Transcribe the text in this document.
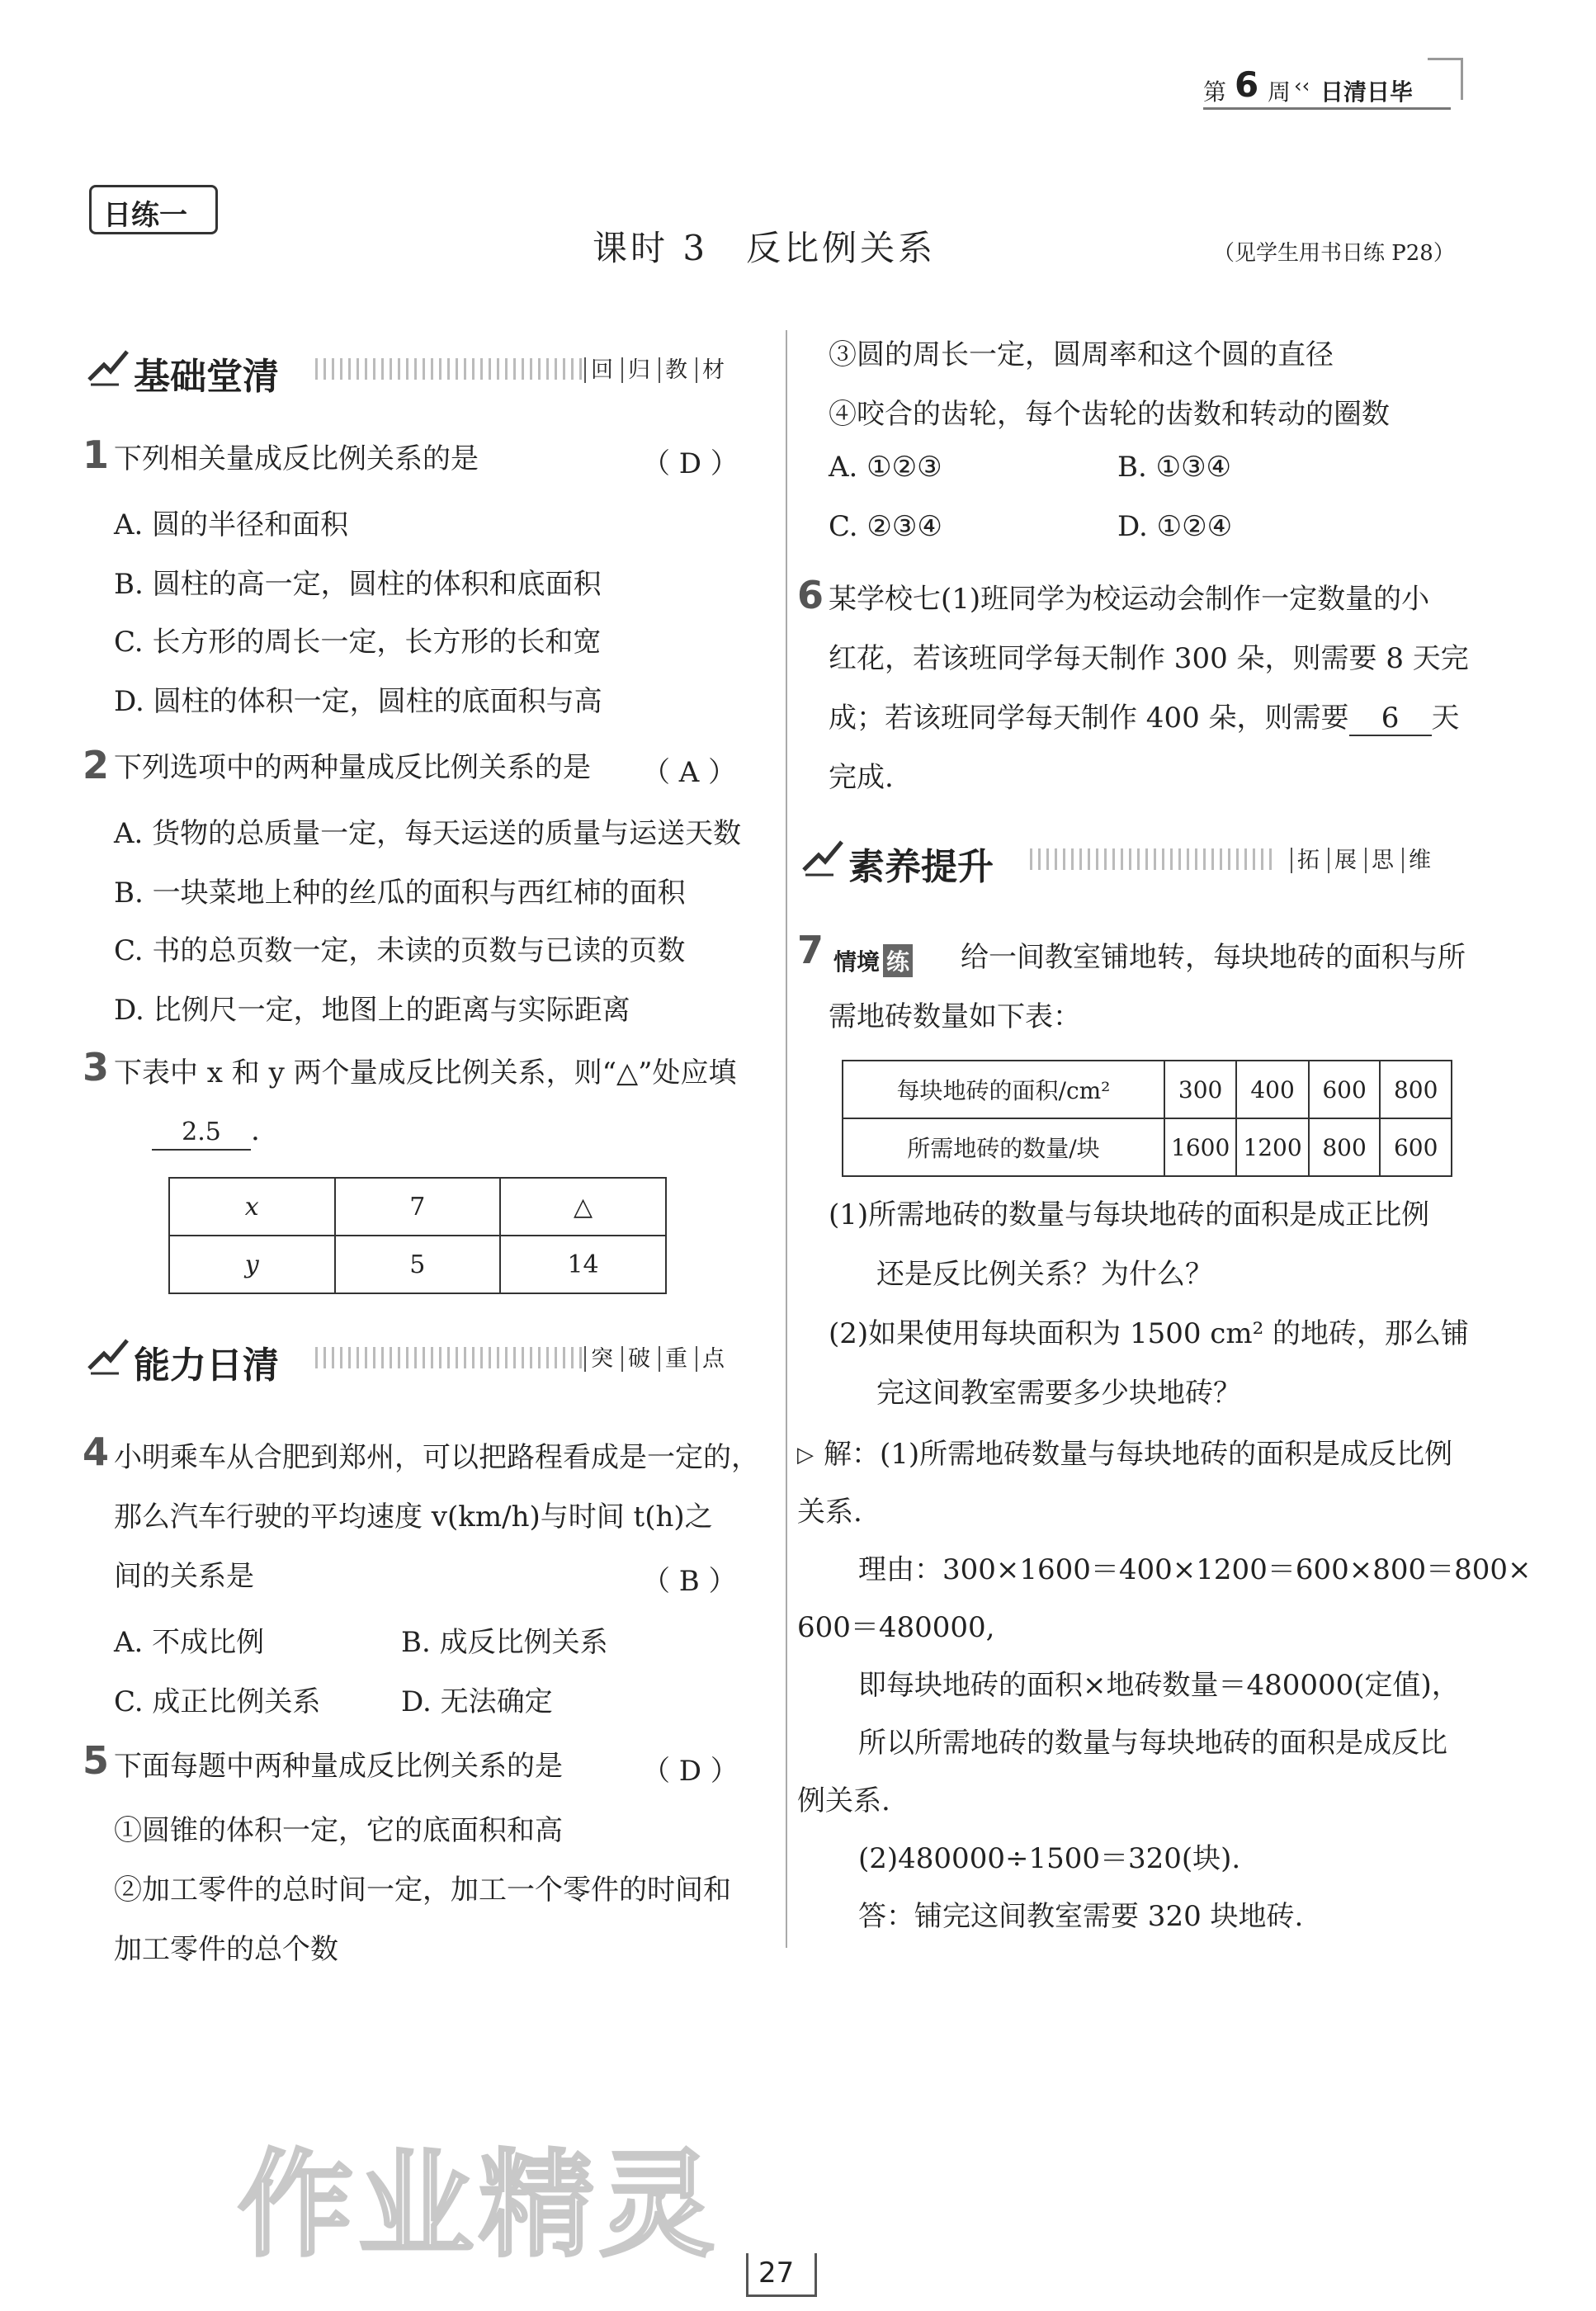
第 6 周 ‹‹ 日清日毕
日练一
课时 3　反比例关系	（见学生用书日练 P28）
基础堂清	回 归 教 材
1 下列相关量成反比例关系的是	（ D ）
A. 圆的半径和面积
B. 圆柱的高一定，圆柱的体积和底面积
C. 长方形的周长一定，长方形的长和宽
D. 圆柱的体积一定，圆柱的底面积与高
2 下列选项中的两种量成反比例关系的是 （ A ）
A. 货物的总质量一定，每天运送的质量与运送天数
B. 一块菜地上种的丝瓜的面积与西红柿的面积
C. 书的总页数一定，未读的页数与已读的页数
D. 比例尺一定，地图上的距离与实际距离
3 下表中 x 和 y 两个量成反比例关系，则“△”处应填
2.5 .
x	7	△
y	5	14
能力日清	突 破 重 点
4 小明乘车从合肥到郑州，可以把路程看成是一定的，
那么汽车行驶的平均速度 v(km/h)与时间 t(h)之
间的关系是	（ B ）
A. 不成比例	B. 成反比例关系
C. 成正比例关系	D. 无法确定
5 下面每题中两种量成反比例关系的是	（ D ）
①圆锥的体积一定，它的底面积和高
②加工零件的总时间一定，加工一个零件的时间和
加工零件的总个数
③圆的周长一定，圆周率和这个圆的直径
④咬合的齿轮，每个齿轮的齿数和转动的圈数
A. ①②③	B. ①③④
C. ②③④	D. ①②④
6 某学校七(1)班同学为校运动会制作一定数量的小
红花，若该班同学每天制作 300 朵，则需要 8 天完
成；若该班同学每天制作 400 朵，则需要 6 天
完成.
素养提升	拓 展 思 维
7 情境 练 给一间教室铺地转，每块地砖的面积与所
需地砖数量如下表：
每块地砖的面积/cm²	300	400	600	800
所需地砖的数量/块	1600	1200	800	600
(1)所需地砖的数量与每块地砖的面积是成正比例
还是反比例关系？为什么？
(2)如果使用每块面积为 1500 cm² 的地砖，那么铺
完这间教室需要多少块地砖？
▷ 解：(1)所需地砖数量与每块地砖的面积是成反比例
关系.
理由：300×1600＝400×1200＝600×800＝800×
600＝480000,
即每块地砖的面积×地砖数量＝480000(定值)，
所以所需地砖的数量与每块地砖的面积是成反比
例关系.
(2)480000÷1500＝320(块).
答：铺完这间教室需要 320 块地砖.
作业精灵 27
